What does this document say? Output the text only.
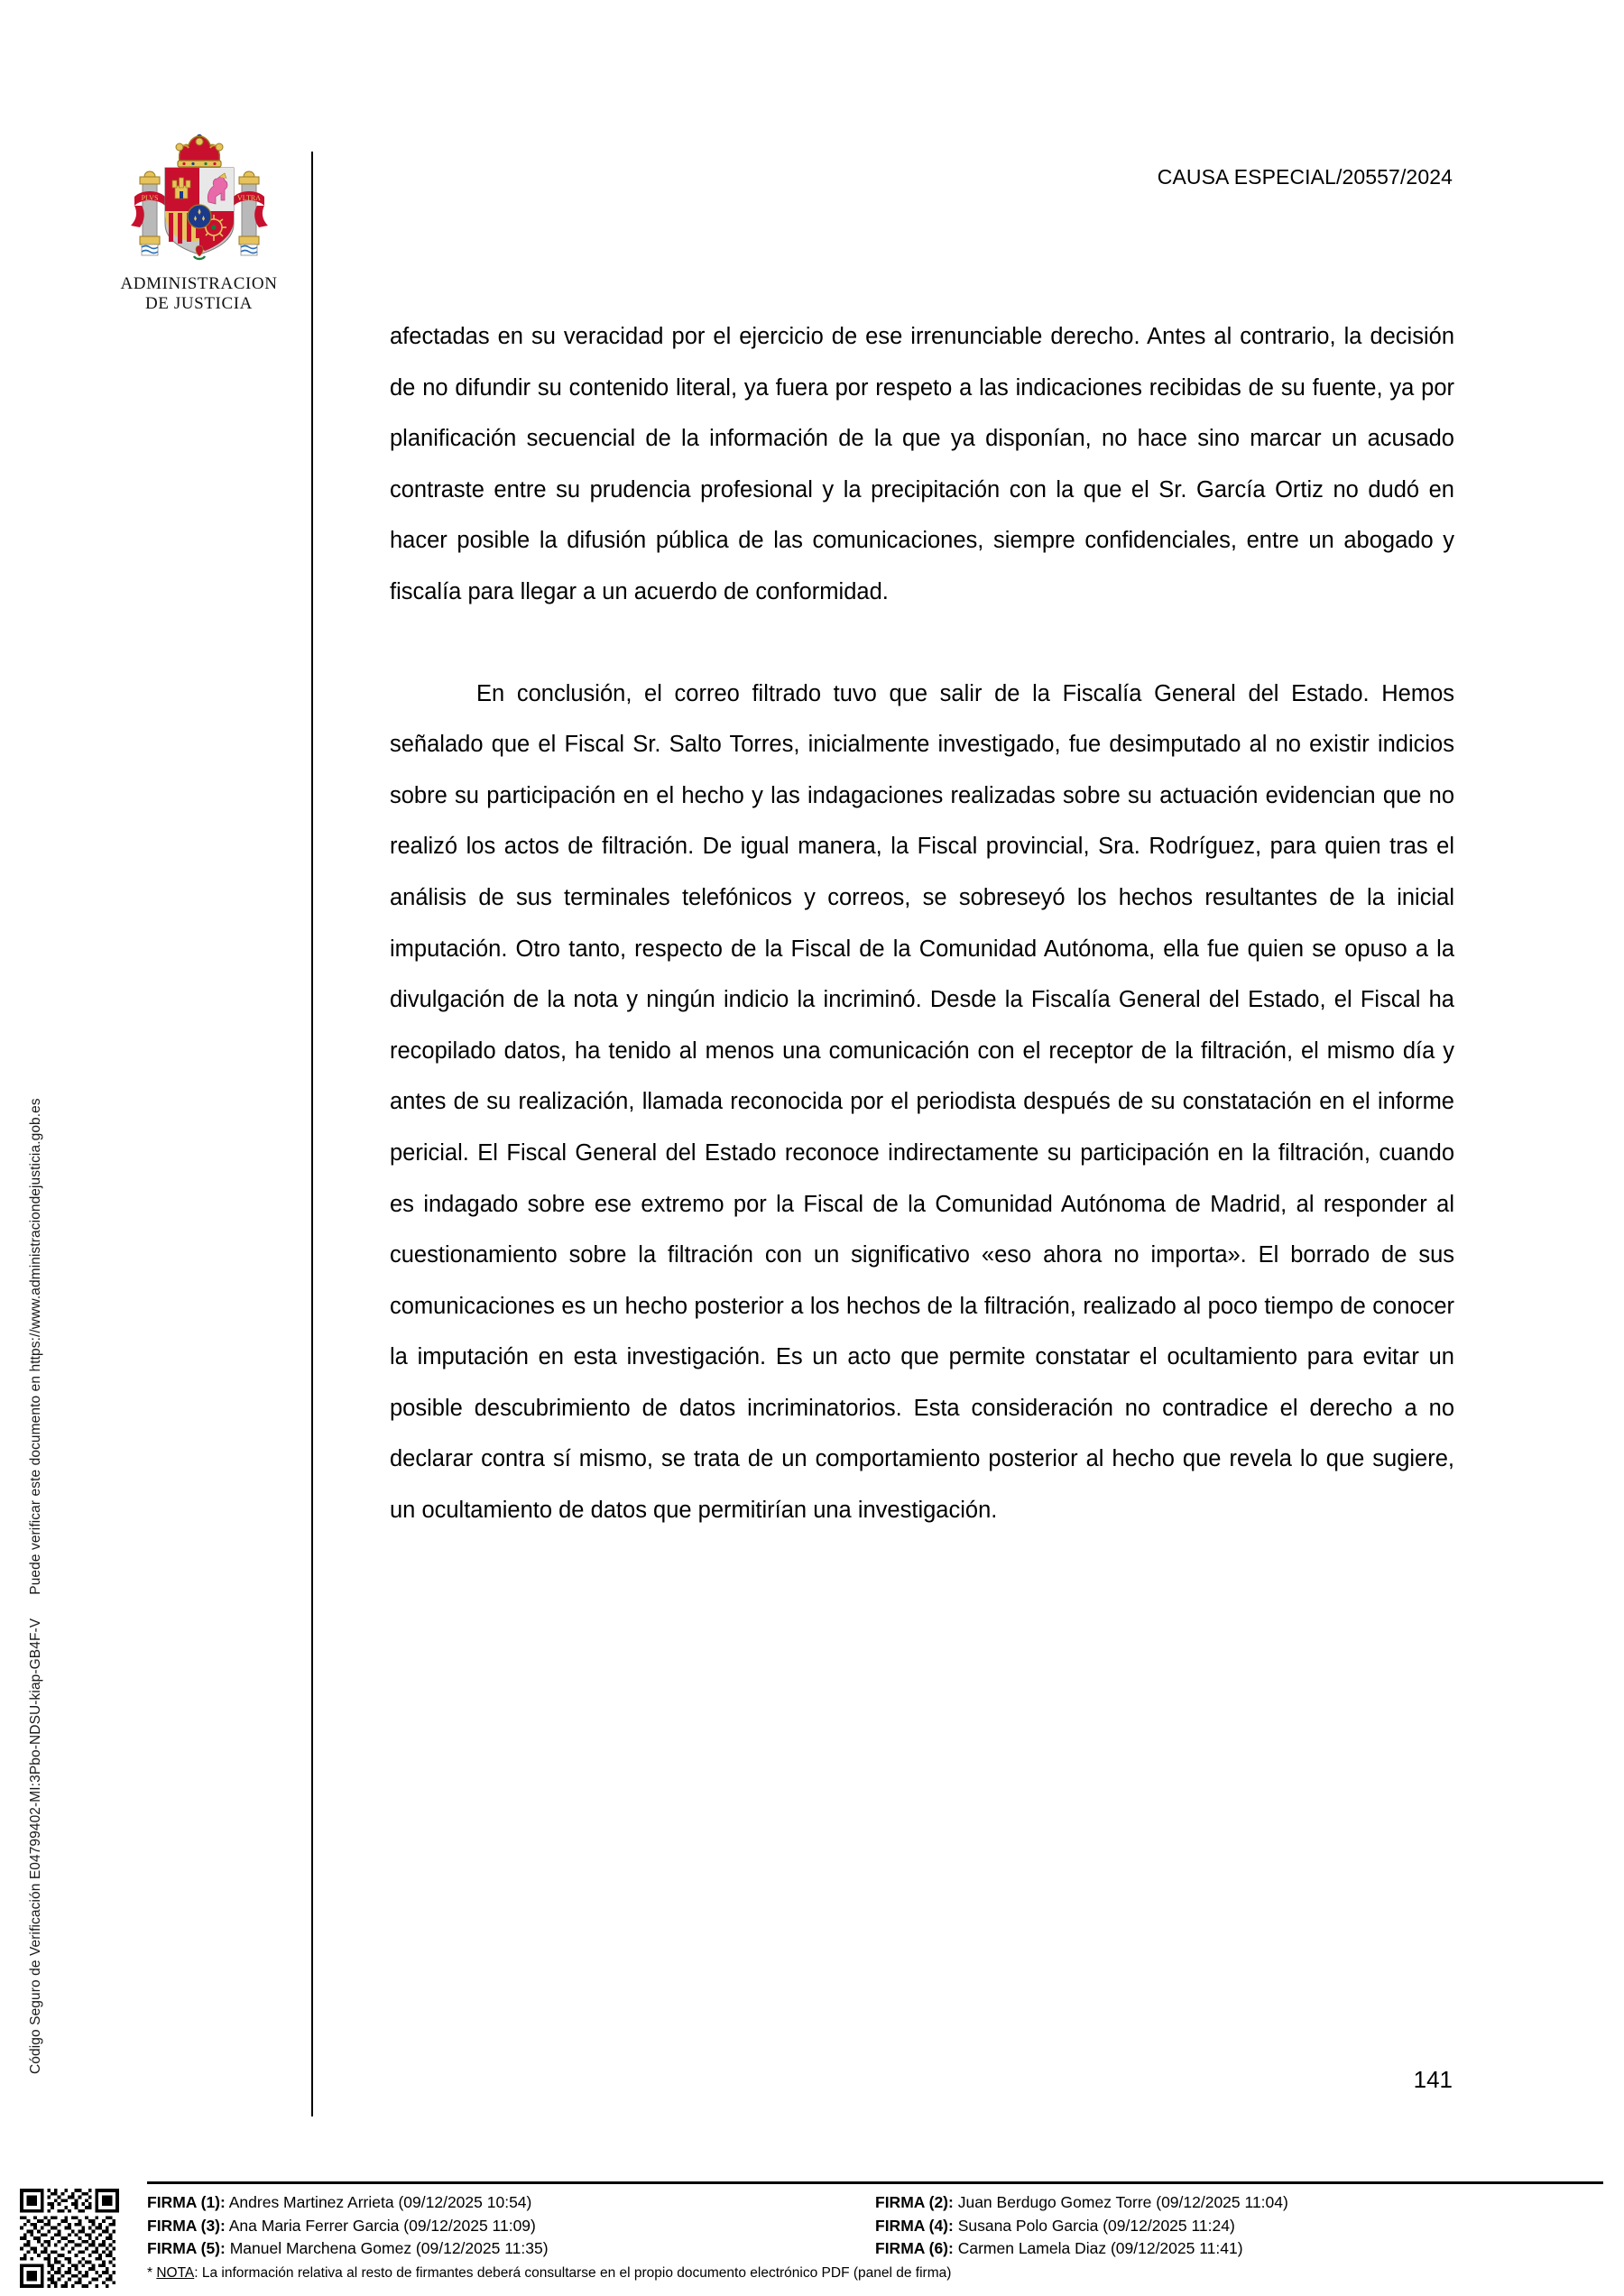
Código Seguro de Verificación E04799402-MI:3Pbo-NDSU-kiap-GB4F-VPuede verificar este documento en https://www.administraciondejusticia.gob.es
PLVS	VLTRA
ADMINISTRACION
DE JUSTICIA
CAUSA ESPECIAL/20557/2024

afectadas en su veracidad por el ejercicio de ese irrenunciable derecho. Antes al contrario, la decisión de no difundir su contenido literal, ya fuera por respeto a las indicaciones recibidas de su fuente, ya por planificación secuencial de la información de la que ya disponían, no hace sino marcar un acusado contraste entre su prudencia profesional y la precipitación con la que el Sr. García Ortiz no dudó en hacer posible la difusión pública de las comunicaciones, siempre confidenciales, entre un abogado y fiscalía para llegar a un acuerdo de conformidad.

En conclusión, el correo filtrado tuvo que salir de la Fiscalía General del Estado. Hemos señalado que el Fiscal Sr. Salto Torres, inicialmente investigado, fue desimputado al no existir indicios sobre su participación en el hecho y las indagaciones realizadas sobre su actuación evidencian que no realizó los actos de filtración. De igual manera, la Fiscal provincial, Sra. Rodríguez, para quien tras el análisis de sus terminales telefónicos y correos, se sobreseyó los hechos resultantes de la inicial imputación. Otro tanto, respecto de la Fiscal de la Comunidad Autónoma, ella fue quien se opuso a la divulgación de la nota y ningún indicio la incriminó. Desde la Fiscalía General del Estado, el Fiscal ha recopilado datos, ha tenido al menos una comunicación con el receptor de la filtración, el mismo día y antes de su realización, llamada reconocida por el periodista después de su constatación en el informe pericial. El Fiscal General del Estado reconoce indirectamente su participación en la filtración, cuando es indagado sobre ese extremo por la Fiscal de la Comunidad Autónoma de Madrid, al responder al cuestionamiento sobre la filtración con un significativo «eso ahora no importa». El borrado de sus comunicaciones es un hecho posterior a los hechos de la filtración, realizado al poco tiempo de conocer la imputación en esta investigación. Es un acto que permite constatar el ocultamiento para evitar un posible descubrimiento de datos incriminatorios. Esta consideración no contradice el derecho a no declarar contra sí mismo, se trata de un comportamiento posterior al hecho que revela lo que sugiere, un ocultamiento de datos que permitirían una investigación.

141
FIRMA (1): Andres Martinez Arrieta (09/12/2025 10:54)
FIRMA (3): Ana Maria Ferrer Garcia (09/12/2025 11:09)
FIRMA (5): Manuel Marchena Gomez (09/12/2025 11:35)
FIRMA (2): Juan Berdugo Gomez Torre (09/12/2025 11:04)
FIRMA (4): Susana Polo Garcia (09/12/2025 11:24)
FIRMA (6): Carmen Lamela Diaz (09/12/2025 11:41)
* NOTA: La información relativa al resto de firmantes deberá consultarse en el propio documento electrónico PDF (panel de firma)
